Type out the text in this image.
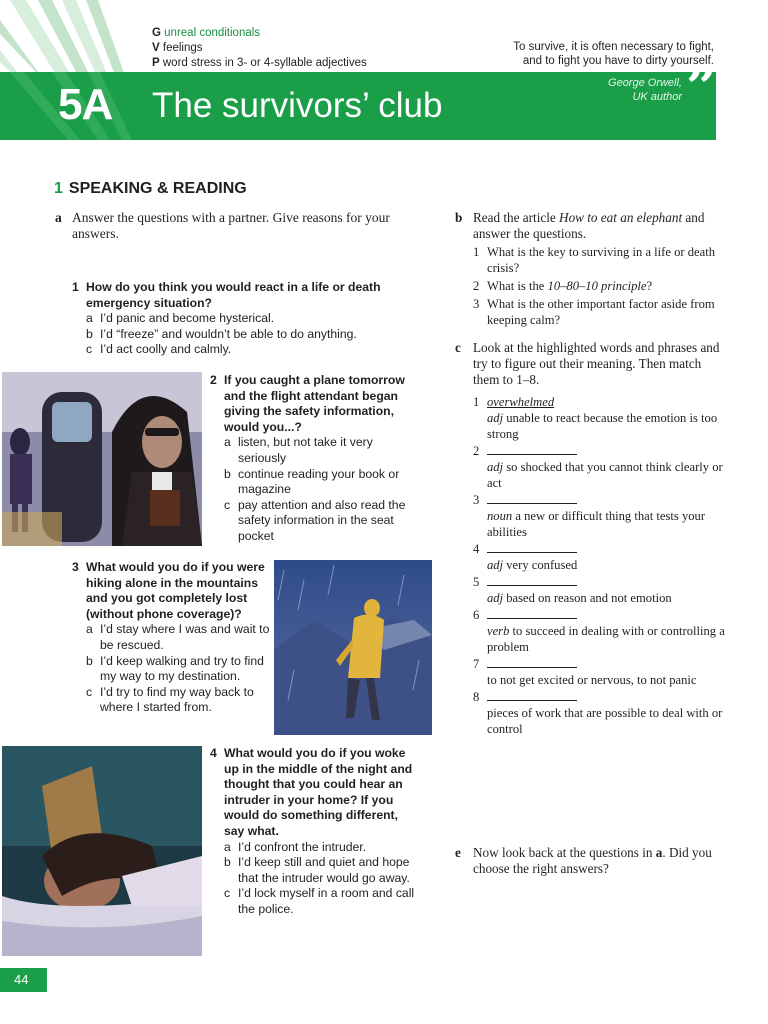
G unreal conditionals
V feelings
P word stress in 3- or 4-syllable adjectives
To survive, it is often necessary to fight,
and to fight you have to dirty yourself.
5A The survivors’ club
George Orwell,
UK author ”
1 SPEAKING & READING
a Answer the questions with a partner. Give reasons for your answers.
1 How do you think you would react in a life or death emergency situation?
a I’d panic and become hysterical.
b I’d “freeze” and wouldn’t be able to do anything.
c I’d act coolly and calmly.
2 If you caught a plane tomorrow and the flight attendant began giving the safety information, would you...?
a listen, but not take it very seriously
b continue reading your book or magazine
c pay attention and also read the safety information in the seat pocket
3 What would you do if you were hiking alone in the mountains and you got completely lost (without phone coverage)?
a I’d stay where I was and wait to be rescued.
b I’d keep walking and try to find my way to my destination.
c I’d try to find my way back to where I started from.
4 What would you do if you woke up in the middle of the night and thought that you could hear an intruder in your home? If you would do something different, say what.
a I’d confront the intruder.
b I’d keep still and quiet and hope that the intruder would go away.
c I’d lock myself in a room and call the police.
b Read the article How to eat an elephant and answer the questions.
1 What is the key to surviving in a life or death crisis?
2 What is the 10–80–10 principle?
3 What is the other important factor aside from keeping calm?
c Look at the highlighted words and phrases and try to figure out their meaning. Then match them to 1–8.
1 overwhelmed
adj unable to react because the emotion is too strong
2
adj so shocked that you cannot think clearly or act
3
noun a new or difficult thing that tests your abilities
4
adj very confused
5
adj based on reason and not emotion
6
verb to succeed in dealing with or controlling a problem
7
to not get excited or nervous, to not panic
8
pieces of work that are possible to deal with or control
e Now look back at the questions in a. Did you choose the right answers?
44
